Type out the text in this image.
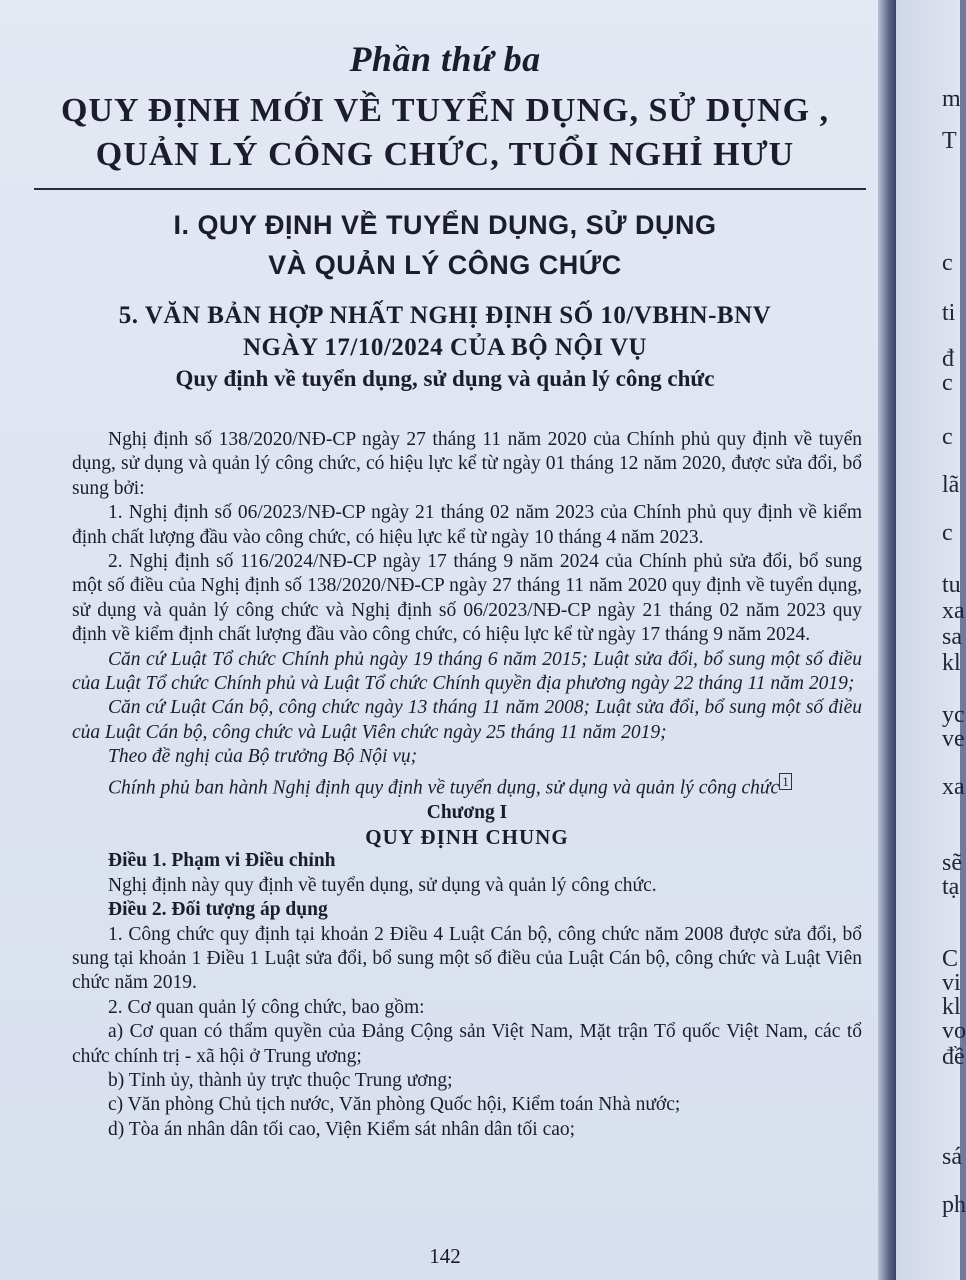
Phần thứ ba
QUY ĐỊNH MỚI VỀ TUYỂN DỤNG, SỬ DỤNG ,
QUẢN LÝ CÔNG CHỨC, TUỔI NGHỈ HƯU
I. QUY ĐỊNH VỀ TUYỂN DỤNG, SỬ DỤNG
VÀ QUẢN LÝ CÔNG CHỨC
5. VĂN BẢN HỢP NHẤT NGHỊ ĐỊNH SỐ 10/VBHN-BNV
NGÀY 17/10/2024 CỦA BỘ NỘI VỤ
Quy định về tuyển dụng, sử dụng và quản lý công chức

Nghị định số 138/2020/NĐ-CP ngày 27 tháng 11 năm 2020 của Chính phủ quy định về tuyển dụng, sử dụng và quản lý công chức, có hiệu lực kể từ ngày 01 tháng 12 năm 2020, được sửa đổi, bổ sung bởi:

1. Nghị định số 06/2023/NĐ-CP ngày 21 tháng 02 năm 2023 của Chính phủ quy định về kiểm định chất lượng đầu vào công chức, có hiệu lực kể từ ngày 10 tháng 4 năm 2023.

2. Nghị định số 116/2024/NĐ-CP ngày 17 tháng 9 năm 2024 của Chính phủ sửa đổi, bổ sung một số điều của Nghị định số 138/2020/NĐ-CP ngày 27 tháng 11 năm 2020 quy định về tuyển dụng, sử dụng và quản lý công chức và Nghị định số 06/2023/NĐ-CP ngày 21 tháng 02 năm 2023 quy định về kiểm định chất lượng đầu vào công chức, có hiệu lực kể từ ngày 17 tháng 9 năm 2024.

Căn cứ Luật Tổ chức Chính phủ ngày 19 tháng 6 năm 2015; Luật sửa đổi, bổ sung một số điều của Luật Tổ chức Chính phủ và Luật Tổ chức Chính quyền địa phương ngày 22 tháng 11 năm 2019;

Căn cứ Luật Cán bộ, công chức ngày 13 tháng 11 năm 2008; Luật sửa đổi, bổ sung một số điều của Luật Cán bộ, công chức và Luật Viên chức ngày 25 tháng 11 năm 2019;

Theo đề nghị của Bộ trưởng Bộ Nội vụ;

Chính phủ ban hành Nghị định quy định về tuyển dụng, sử dụng và quản lý công chức $^1$

Chương I

QUY ĐỊNH CHUNG

Điều 1. Phạm vi Điều chỉnh

Nghị định này quy định về tuyển dụng, sử dụng và quản lý công chức.

Điều 2. Đối tượng áp dụng

1. Công chức quy định tại khoản 2 Điều 4 Luật Cán bộ, công chức năm 2008 được sửa đổi, bổ sung tại khoản 1 Điều 1 Luật sửa đổi, bổ sung một số điều của Luật Cán bộ, công chức và Luật Viên chức năm 2019.

2. Cơ quan quản lý công chức, bao gồm:

a) Cơ quan có thẩm quyền của Đảng Cộng sản Việt Nam, Mặt trận Tổ quốc Việt Nam, các tổ chức chính trị - xã hội ở Trung ương;

b) Tỉnh ủy, thành ủy trực thuộc Trung ương;

c) Văn phòng Chủ tịch nước, Văn phòng Quốc hội, Kiểm toán Nhà nước;

d) Tòa án nhân dân tối cao, Viện Kiểm sát nhân dân tối cao;

142
m
T
c
ti
đ
c
c
lã
c
tu
xa
sa
kl
yc
ve
xa
sẽ
tạ
C
vi
kl
vo
đề
sá
ph
